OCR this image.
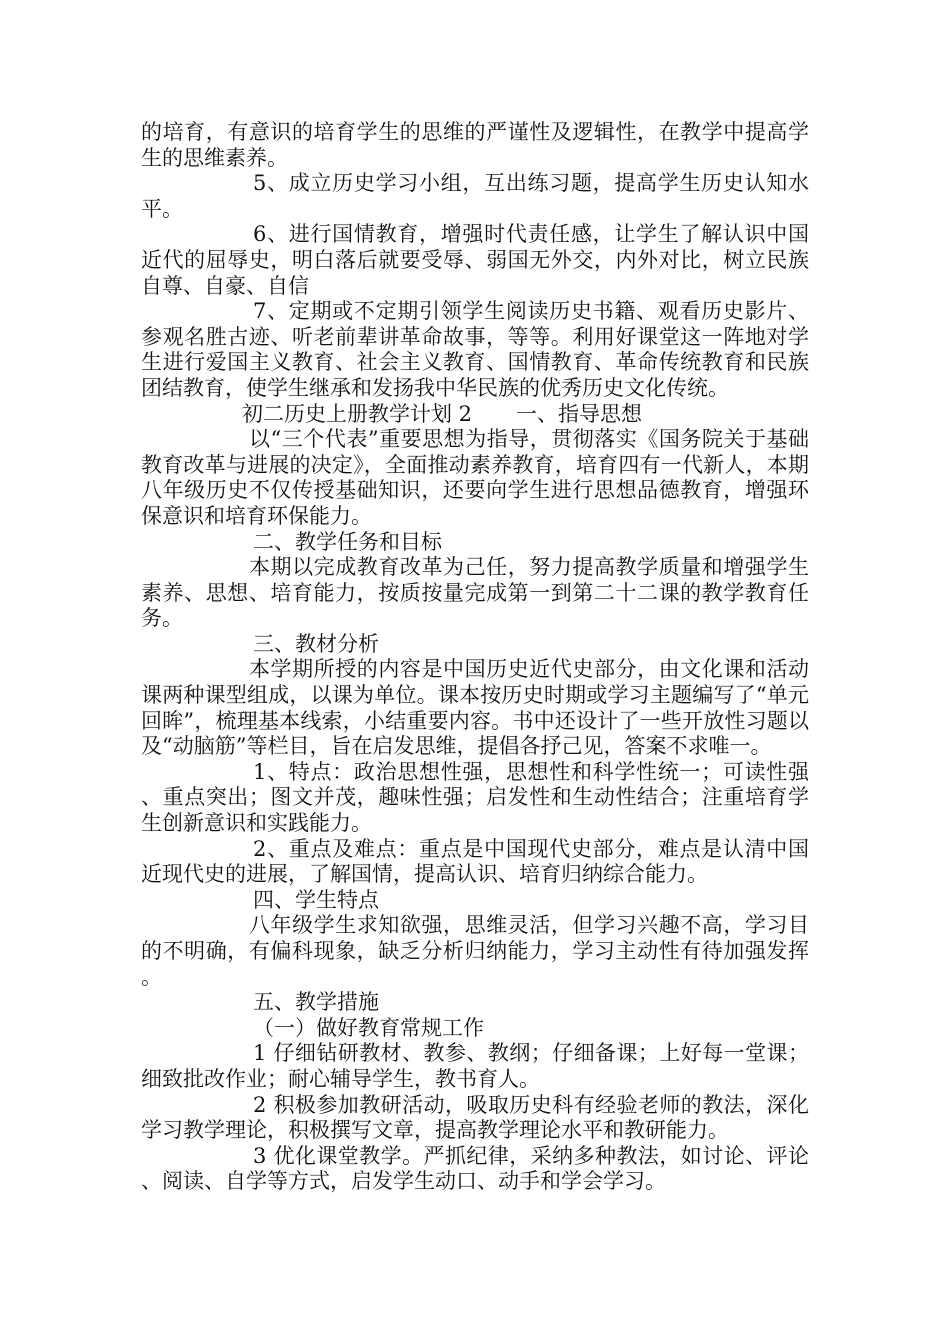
的培育，有意识的培育学生的思维的严谨性及逻辑性，在教学中提高学生的思维素养。

5、成立历史学习小组，互出练习题，提高学生历史认知水平。

6、进行国情教育，增强时代责任感，让学生了解认识中国近代的屈辱史，明白落后就要受辱、弱国无外交，内外对比，树立民族自尊、自豪、自信

7、定期或不定期引领学生阅读历史书籍、观看历史影片、参观名胜古迹、听老前辈讲革命故事，等等。利用好课堂这一阵地对学生进行爱国主义教育、社会主义教育、国情教育、革命传统教育和民族团结教育，使学生继承和发扬我中华民族的优秀历史文化传统。

初二历史上册教学计划 2 一、指导思想

以“三个代表”重要思想为指导，贯彻落实《国务院关于基础教育改革与进展的决定》，全面推动素养教育，培育四有一代新人，本期八年级历史不仅传授基础知识，还要向学生进行思想品德教育，增强环保意识和培育环保能力。

二、教学任务和目标

本期以完成教育改革为己任，努力提高教学质量和增强学生素养、思想、培育能力，按质按量完成第一到第二十二课的教学教育任务。

三、教材分析

本学期所授的内容是中国历史近代史部分，由文化课和活动课两种课型组成，以课为单位。课本按历史时期或学习主题编写了“单元回眸”，梳理基本线索，小结重要内容。书中还设计了一些开放性习题以及“动脑筋”等栏目，旨在启发思维，提倡各抒己见，答案不求唯一。

1、特点：政治思想性强，思想性和科学性统一；可读性强、重点突出；图文并茂，趣味性强；启发性和生动性结合；注重培育学生创新意识和实践能力。

2、重点及难点：重点是中国现代史部分，难点是认清中国近现代史的进展，了解国情，提高认识、培育归纳综合能力。

四、学生特点

八年级学生求知欲强，思维灵活，但学习兴趣不高，学习目的不明确，有偏科现象，缺乏分析归纳能力，学习主动性有待加强发挥。

五、教学措施

（一）做好教育常规工作

1 仔细钻研教材、教参、教纲；仔细备课；上好每一堂课；细致批改作业；耐心辅导学生，教书育人。

2 积极参加教研活动，吸取历史科有经验老师的教法，深化学习教学理论，积极撰写文章，提高教学理论水平和教研能力。

3 优化课堂教学。严抓纪律，采纳多种教法，如讨论、评论、阅读、自学等方式，启发学生动口、动手和学会学习。
